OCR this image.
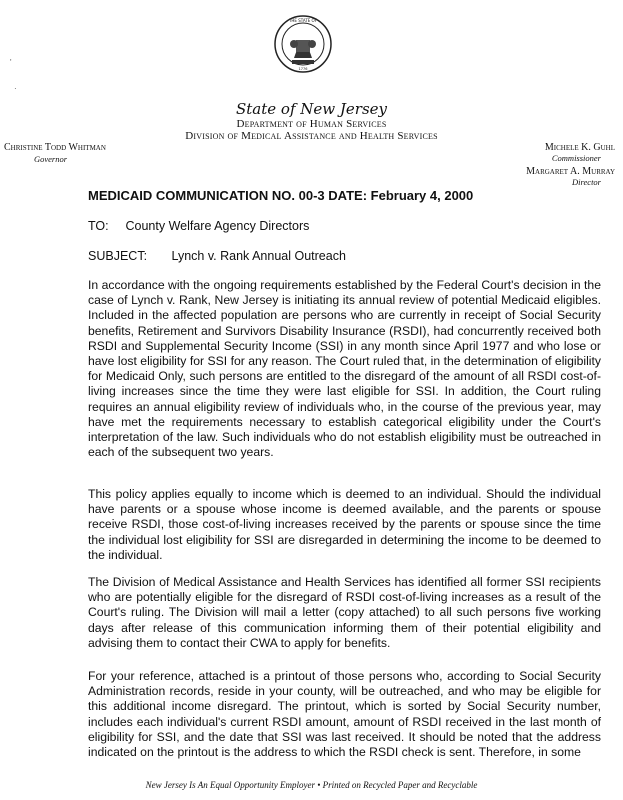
THE STATE OF
1776
State of New Jersey
Department of Human Services
Division of Medical Assistance and Health Services
Christine Todd Whitman
Governor
Michele K. Guhl
Commissioner
Margaret A. Murray
Director
MEDICAID COMMUNICATION NO. 00-3 DATE: February 4, 2000
TO: County Welfare Agency Directors
SUBJECT: Lynch v. Rank Annual Outreach
In accordance with the ongoing requirements established by the Federal Court's decision in the case of Lynch v. Rank, New Jersey is initiating its annual review of potential Medicaid eligibles. Included in the affected population are persons who are currently in receipt of Social Security benefits, Retirement and Survivors Disability Insurance (RSDI), had concurrently received both RSDI and Supplemental Security Income (SSI) in any month since April 1977 and who lose or have lost eligibility for SSI for any reason. The Court ruled that, in the determination of eligibility for Medicaid Only, such persons are entitled to the disregard of the amount of all RSDI cost-of-living increases since the time they were last eligible for SSI. In addition, the Court ruling requires an annual eligibility review of individuals who, in the course of the previous year, may have met the requirements necessary to establish categorical eligibility under the Court's interpretation of the law. Such individuals who do not establish eligibility must be outreached in each of the subsequent two years.
This policy applies equally to income which is deemed to an individual. Should the individual have parents or a spouse whose income is deemed available, and the parents or spouse receive RSDI, those cost-of-living increases received by the parents or spouse since the time the individual lost eligibility for SSI are disregarded in determining the income to be deemed to the individual.
The Division of Medical Assistance and Health Services has identified all former SSI recipients who are potentially eligible for the disregard of RSDI cost-of-living increases as a result of the Court's ruling. The Division will mail a letter (copy attached) to all such persons five working days after release of this communication informing them of their potential eligibility and advising them to contact their CWA to apply for benefits.
For your reference, attached is a printout of those persons who, according to Social Security Administration records, reside in your county, will be outreached, and who may be eligible for this additional income disregard. The printout, which is sorted by Social Security number, includes each individual's current RSDI amount, amount of RSDI received in the last month of eligibility for SSI, and the date that SSI was last received. It should be noted that the address indicated on the printout is the address to which the RSDI check is sent. Therefore, in some
New Jersey Is An Equal Opportunity Employer • Printed on Recycled Paper and Recyclable
'
·
